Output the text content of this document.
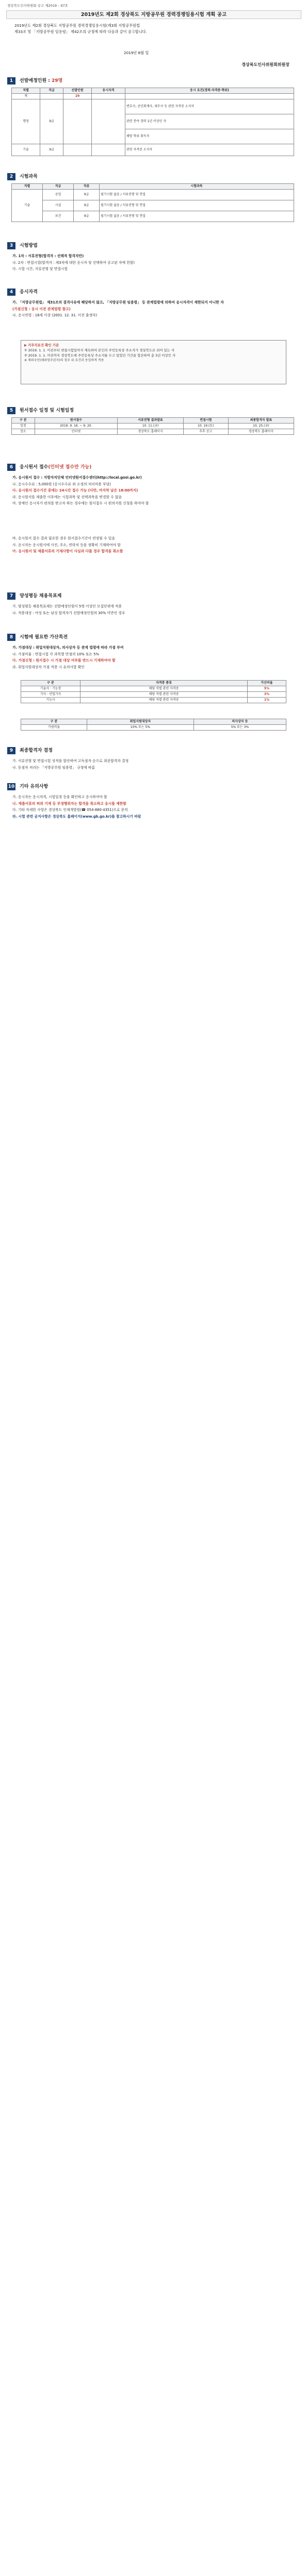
경상북도인사위원회 공고 제2019 – 97호
2019년도 제2회 경상북도 지방공무원 경력경쟁임용시험 계획 공고
2019년도 제2회 경상북도 지방공무원 경력경쟁임용시험(제3회 지방공무원법
제33조 및 「지방공무원 임용령」 제42조의 규정에 따라 다음과 같이 공고합니다.
2019년 8월 일
경상북도인사위원회위원장
1 선발예정인원 : 29명
직렬	직급	선발인원	응시자격	응시 요건(경력·자격증·학위)
계		29		
행정	9급			변호사, 공인회계사, 세무사 등 관련 자격증 소지자
				관련 분야 경력 1년 이상인 자
				해당 학위 취득자
기술	9급			관련 자격증 소지자
2 시험과목
직렬	직급	직류	시험과목
기술	공업	9급	필기시험 없음 / 서류전형 및 면접
	시설	9급	필기시험 없음 / 서류전형 및 면접
	보건	9급	필기시험 없음 / 서류전형 및 면접
3 시험방법

가. 1차 : 서류전형(합격자 : 선택적 합격자만)

나. 2차 : 면접시험(합격자 : 제3차에 대한 응시자 및 선택하여 공고된 자에 한함)

다. 시험 시간, 서류전형 및 면접시험

4 응시자격

가. 「지방공무원법」 제31조의 결격사유에 해당하지 않고, 「지방공무원 임용령」 등 관계법령에 의하여 응시자격이 제한되지 아니한 자

(가점신청 : 응시 이전 관계법령 참고)

나. 응시연령 : 18세 이상 (2001. 12. 31. 이전 출생자)

▶ 거주지요건 확인 기준
① 2019. 1. 1. 이전부터 면접시험일까지 계속하여 본인의 주민등록상 주소지가 경상북도로 되어 있는 자
② 2019. 1. 1. 이전까지 경상북도에 주민등록상 주소지를 두고 있었던 기간을 합산하여 총 3년 이상인 자
※ 재외국민(해외영주권자)의 경우 위 요건과 동일하게 적용
5 원서접수 일정 및 시험일정
구 분	원서접수	서류전형 결과발표	면접시험	최종합격자 발표
일정	2019. 9. 16. ~ 9. 20.	10. 11.(금)	10. 19.(토)	10. 25.(금)
장소	인터넷	경상북도 홈페이지	추후 공고	경상북도 홈페이지
6 응시원서 접수(인터넷 접수만 가능)

가. 응시원서 접수 : 지방자치단체 인터넷원서접수센터(http://local.gosi.go.kr)

나. 응시수수료 : 5,000원 (응시수수료 외 소정의 처리비용 부담)

다. 응시원서 접수기간 중에는 24시간 접수 가능 (다만, 마지막 날은 18:00까지)

라. 응시원서를 제출한 이후에는 시험과목 및 선택과목을 변경할 수 없음

마. 장애인 응시자가 편의를 받고자 하는 경우에는 원서접수 시 편의지원 신청을 하여야 함

바. 응시원서 접수 결과 필요한 경우 원서접수기간이 연장될 수 있음

사. 응시자는 응시원서에 사진, 주소, 연락처 등을 정확히 기재하여야 함

아. 응시원서 및 제출서류의 기재사항이 사실과 다를 경우 합격을 취소함

7 양성평등 채용목표제

가. 양성평등 채용목표제는 선발예정인원이 5명 이상인 모집단위에 적용

나. 적용대상 : 여성 또는 남성 합격자가 선발예정인원의 30% 미만인 경우

8 시험에 필요한 가산특전

가. 가점대상 : 취업지원대상자, 의사상자 등 관계 법령에 따라 가점 부여

나. 가점비율 : 면접시험 각 과목별 만점의 10% 또는 5%

다. 가점신청 : 원서접수 시 가점 대상 여부를 반드시 기재하여야 함

라. 취업지원대상자 가점 적용 시 유의사항 확인

구 분	자격증 종류	가산비율
기술사 · 기능장	해당 직렬 관련 자격증	5%
기사 · 산업기사	해당 직렬 관련 자격증	3%
기능사	해당 직렬 관련 자격증	1%
구 분	취업지원대상자	의사상자 등
가점비율	10% 또는 5%	5% 또는 3%
9 최종합격자 결정

가. 서류전형 및 면접시험 성적을 합산하여 고득점자 순으로 최종합격자 결정

나. 동점자 처리는 「지방공무원 임용령」 규정에 따름

10 기타 유의사항

가. 응시자는 응시자격, 시험일정 등을 확인하고 응시하여야 함

나. 제출서류의 허위 기재 등 부정행위자는 합격을 취소하고 응시를 제한함

다. 기타 자세한 사항은 경상북도 인재개발원(☎ 054-880-4351)으로 문의

라. 시험 관련 공지사항은 경상북도 홈페이지(www.gb.go.kr)를 참고하시기 바람
